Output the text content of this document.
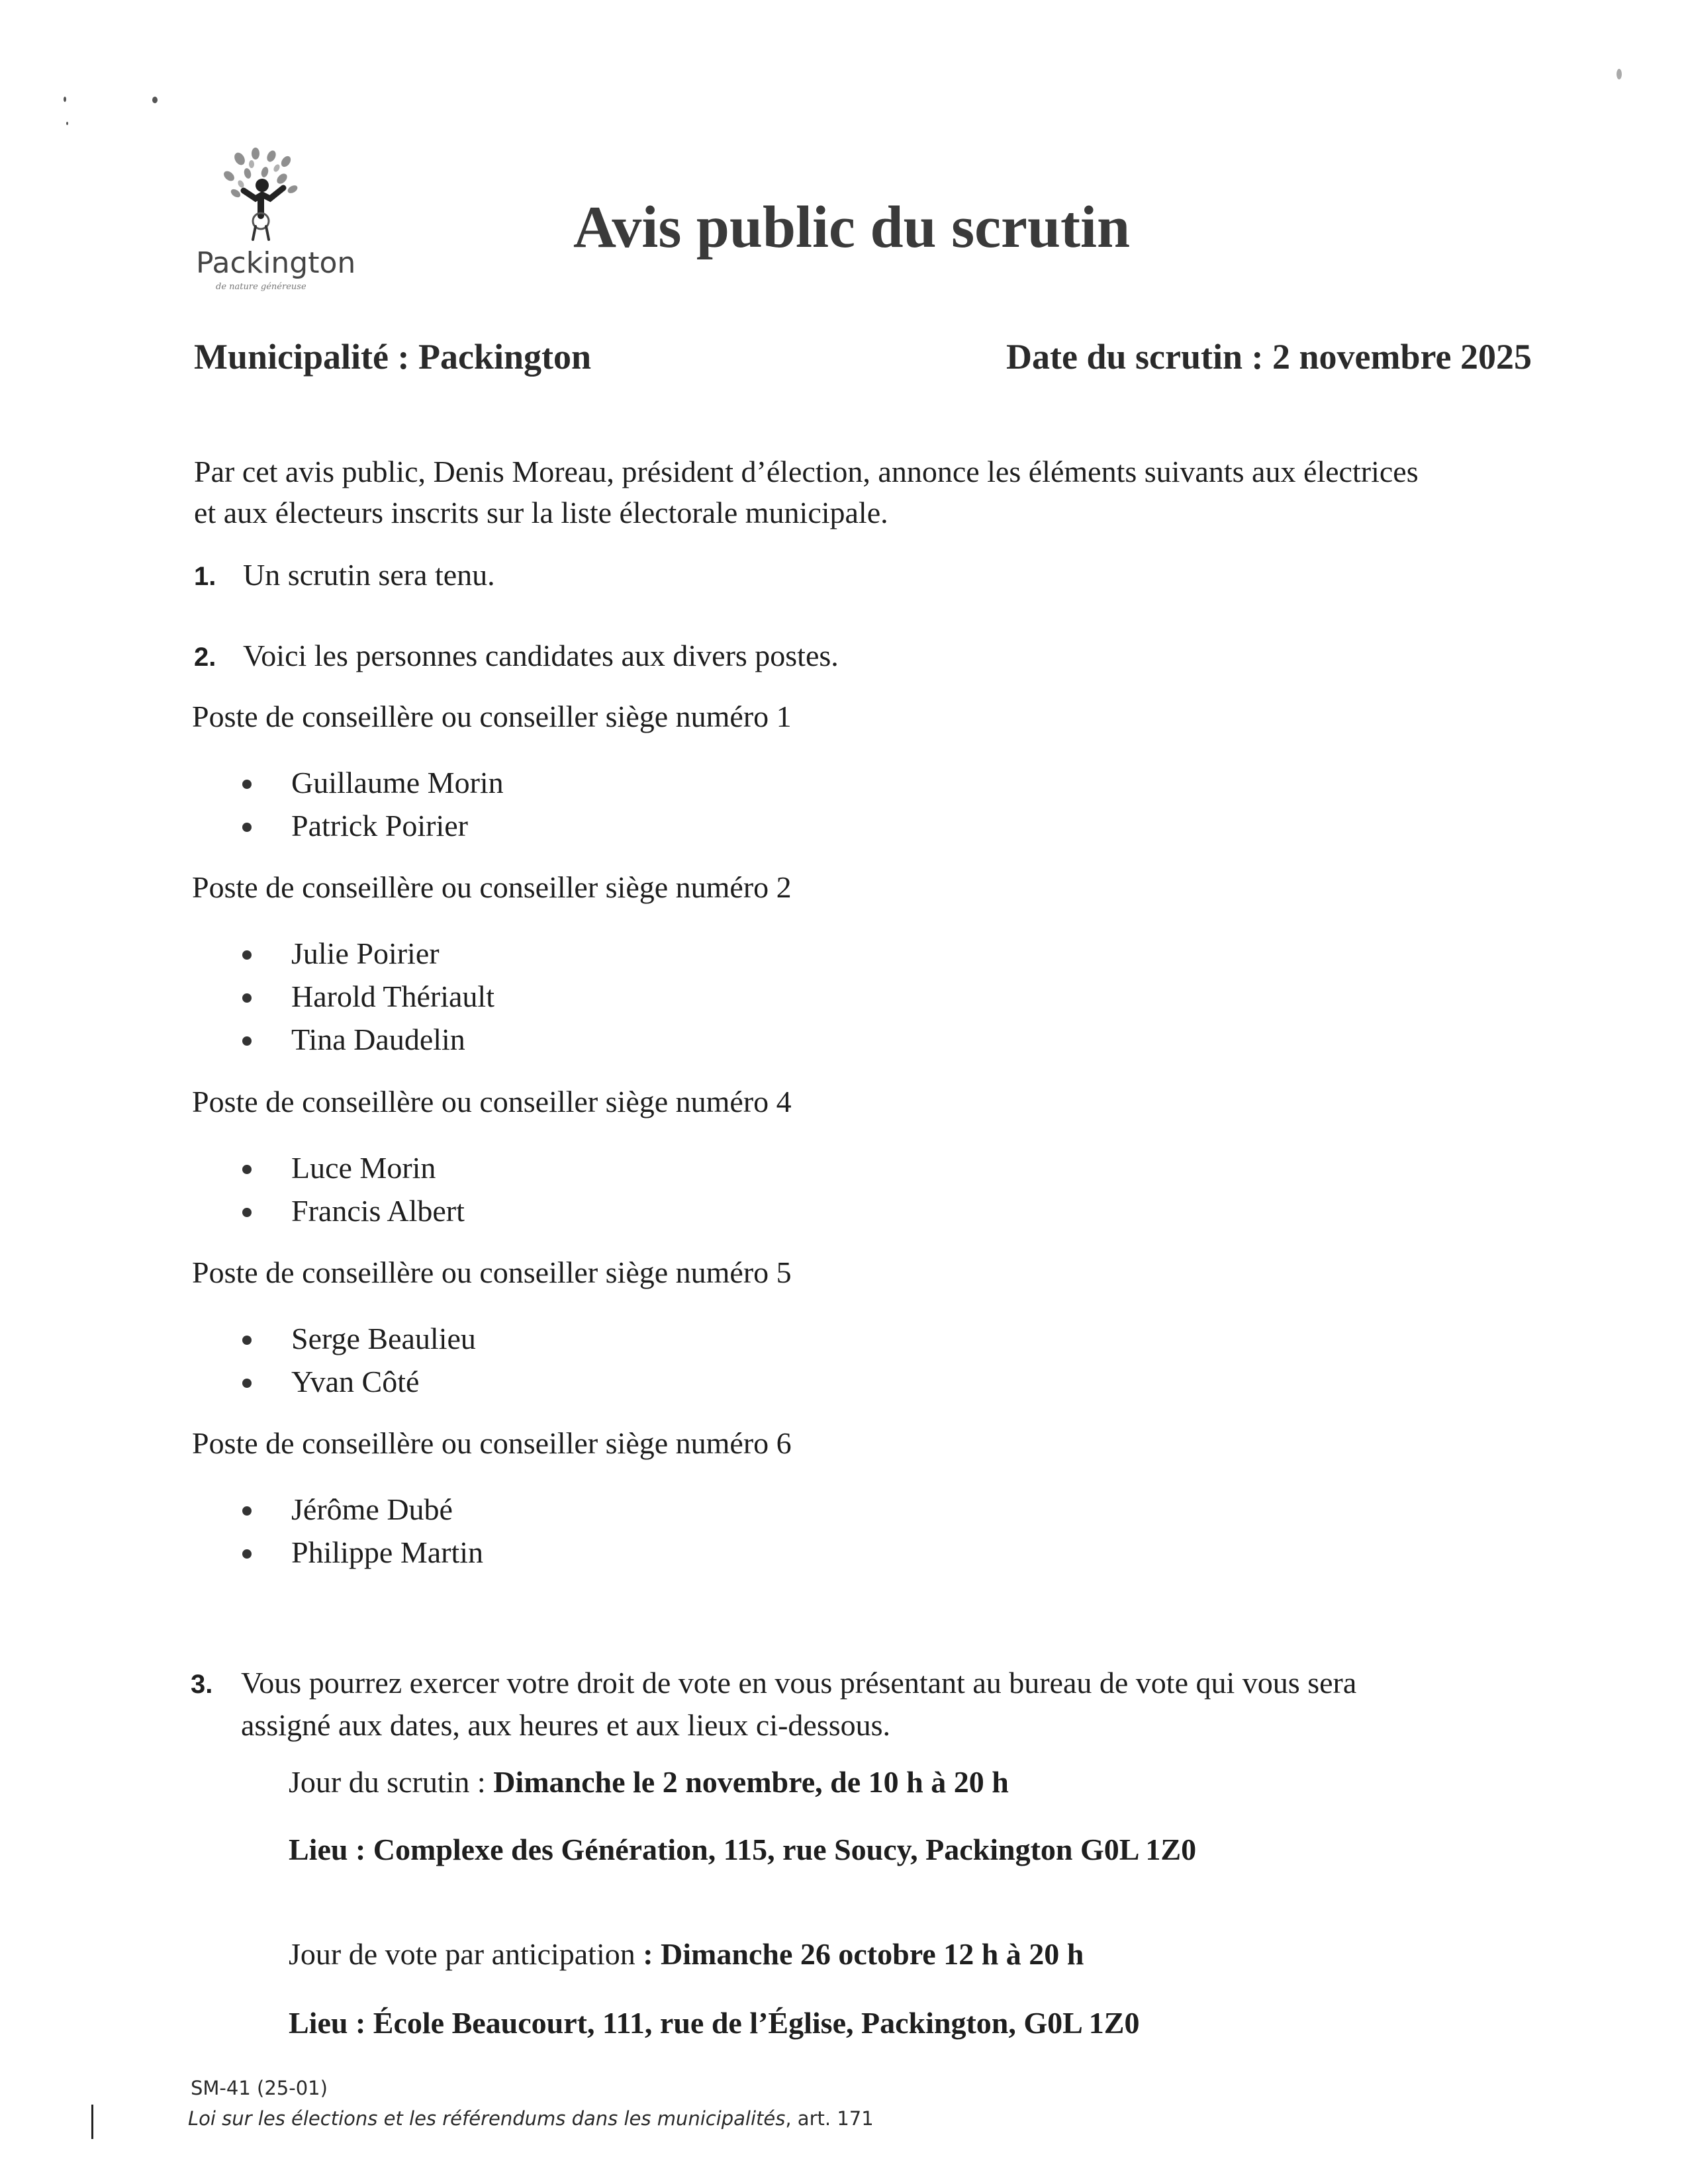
Packington
de nature généreuse
Avis public du scrutin
Municipalité : Packington	Date du scrutin : 2 novembre 2025
Par cet avis public, Denis Moreau, président d’élection, annonce les éléments suivants aux électrices
et aux électeurs inscrits sur la liste électorale municipale.
1. Un scrutin sera tenu.
2. Voici les personnes candidates aux divers postes.
Poste de conseillère ou conseiller siège numéro 1
Guillaume Morin
Patrick Poirier
Poste de conseillère ou conseiller siège numéro 2
Julie Poirier
Harold Thériault
Tina Daudelin
Poste de conseillère ou conseiller siège numéro 4
Luce Morin
Francis Albert
Poste de conseillère ou conseiller siège numéro 5
Serge Beaulieu
Yvan Côté
Poste de conseillère ou conseiller siège numéro 6
Jérôme Dubé
Philippe Martin
3. Vous pourrez exercer votre droit de vote en vous présentant au bureau de vote qui vous sera
assigné aux dates, aux heures et aux lieux ci-dessous.
Jour du scrutin : Dimanche le 2 novembre, de 10 h à 20 h
Lieu : Complexe des Génération, 115, rue Soucy, Packington G0L 1Z0
Jour de vote par anticipation : Dimanche 26 octobre 12 h à 20 h
Lieu : École Beaucourt, 111, rue de l’Église, Packington, G0L 1Z0
SM-41 (25-01)
Loi sur les élections et les référendums dans les municipalités, art. 171
